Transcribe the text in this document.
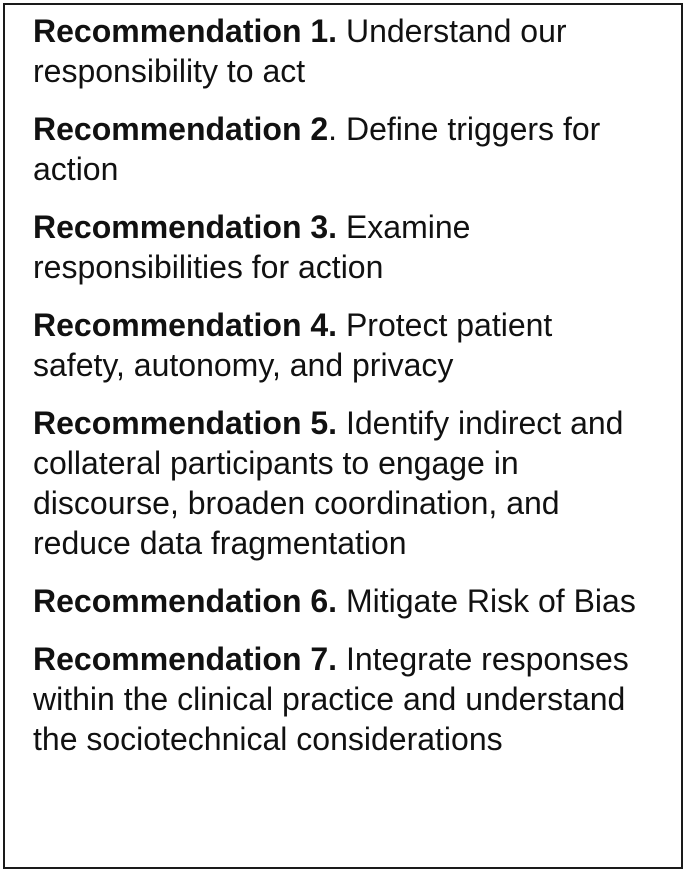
Recommendation 1. Understand our responsibility to act

Recommendation 2. Define triggers for action

Recommendation 3. Examine responsibilities for action

Recommendation 4. Protect patient safety, autonomy, and privacy

Recommendation 5. Identify indirect and collateral participants to engage in discourse, broaden coordination, and reduce data fragmentation

Recommendation 6. Mitigate Risk of Bias

Recommendation 7. Integrate responses within the clinical practice and understand the sociotechnical considerations
